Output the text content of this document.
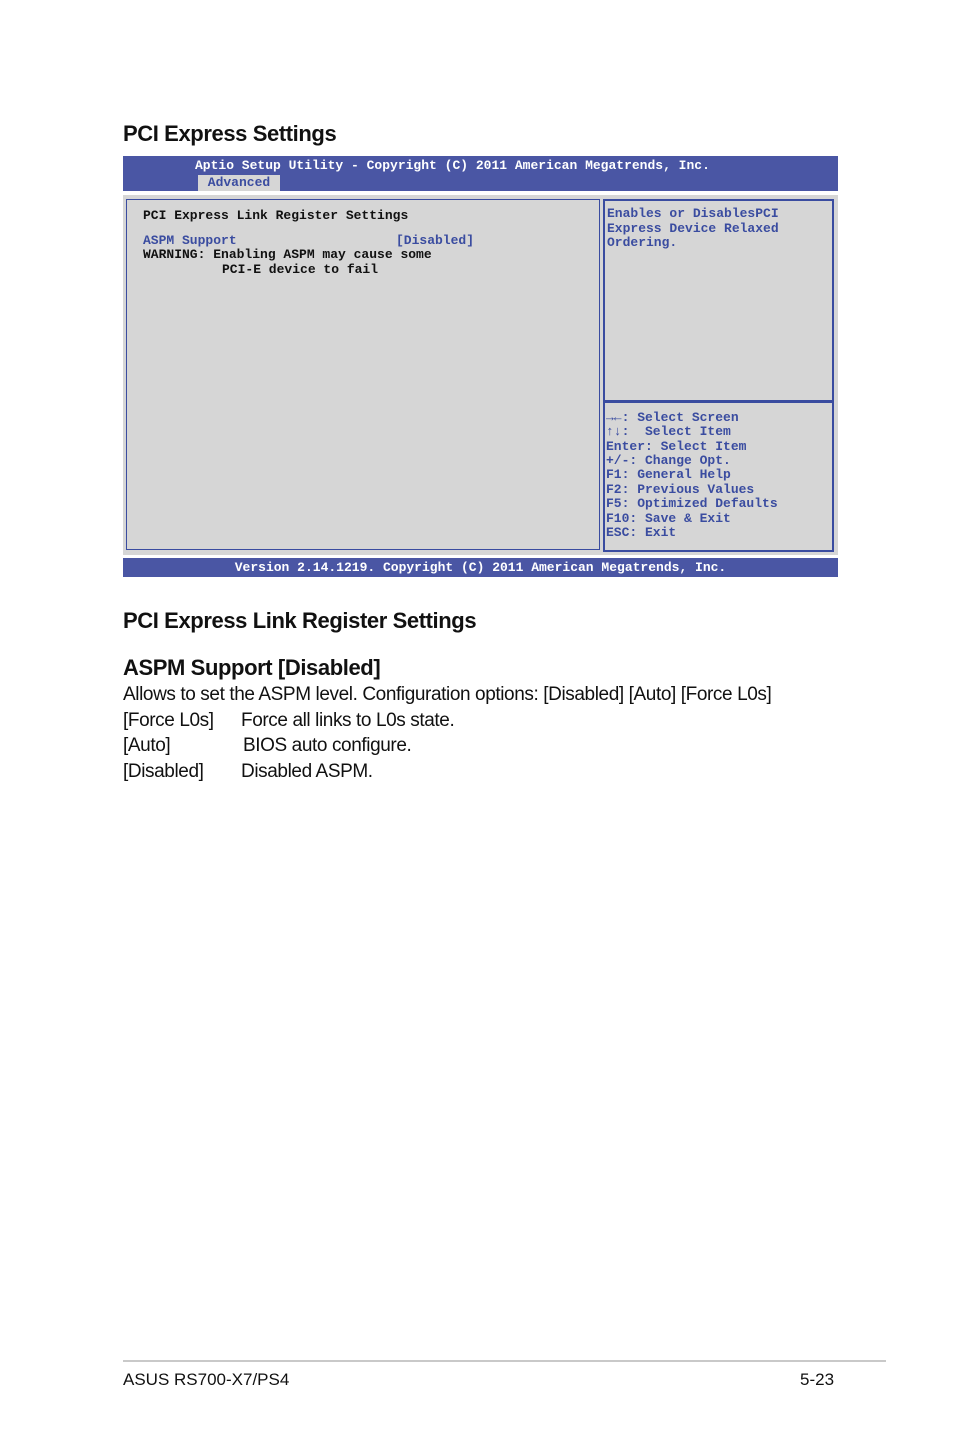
PCI Express Settings
Aptio Setup Utility - Copyright (C) 2011 American Megatrends, Inc.
Advanced
PCI Express Link Register Settings
ASPM Support	[Disabled]
WARNING: Enabling ASPM may cause some
PCI-E device to fail
Enables or DisablesPCI
Express Device Relaxed
Ordering.
→←: Select Screen
↑↓:  Select Item
Enter: Select Item
+/-: Change Opt.
F1: General Help
F2: Previous Values
F5: Optimized Defaults
F10: Save & Exit
ESC: Exit
Version 2.14.1219. Copyright (C) 2011 American Megatrends, Inc.
PCI Express Link Register Settings
ASPM Support [Disabled]

Allows to set the ASPM level. Configuration options: [Disabled] [Auto] [Force L0s]

[Force L0s] Force all links to L0s state.
[Auto]	BIOS auto configure.
[Disabled] Disabled ASPM.
ASUS RS700-X7/PS4	5-23
